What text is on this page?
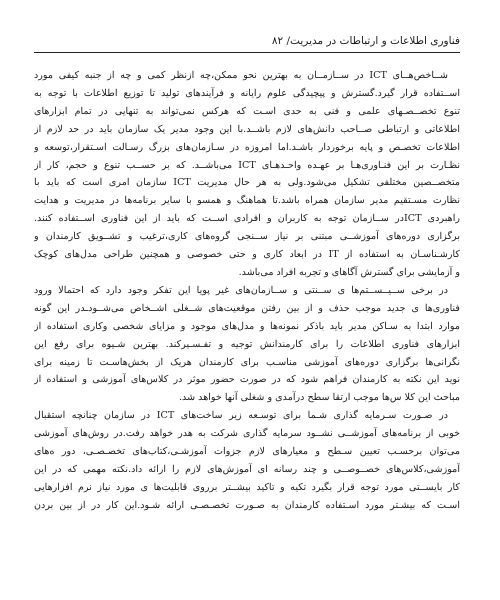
فناوری اطلاعات و ارتباطات در مدیریت/ ۸۲
شــاخص‌هــای ICT در ســازمــان به بهترین نحو ممکن،چه ازنظر کمی و چه از جنبه کیفی مورد
اســتفاده قرار گیرد.گسترش و پیچیدگی علوم رایانه و فرآیندهای تولید تا توزیع اطلاعات با توجه به
تنوع تخصــصـهای علمی و فنی به حدی اسـت که هرکس نمی‌تواند به تنهایی در تمام ابزارهای
اطلاعاتی و ارتباطی صــاحب دانش‌های لازم باشــد.با این وجود مدیر یک سازمان باید در حد لازم از
اطلاعات تخصـص و پایه برخوردار باشـد.اما امروزه در سـازمان‌های بزرگ رسـالت اسـتقرار،توسعه و
نظـارت بر این فنـاوری‌هـا بر عهـده واحـدهـای ICT می‌باشــد. که بر حســب تنوع و حجم، کار از
متخصــصین مختلفی تشکیل می‌شود.ولی به هر حال مدیریت ICT سازمان امری است که باید با
نظارت مسـتقیم مدیر سازمان همراه باشد.تا هماهنگ و همسو با سایر برنامه‌ها در مدیریت و هدایت
راهبردی ICTدر ســازمان توجه به کاربران و افرادی اســت که باید از این فناوری اســتفاده کنند.
برگزاری دوره‌های آموزشــی مبتنی بر نیاز ســنجی گروه‌های کاری،ترغیب و تشــویق کارمندان و
کارشـناسـان به استفاده از IT در ابعاد کاری و حتی خصوصی و همچنین طراحی مدل‌های کوچک
و آزمایشی برای گسترش آگاهای و تجربه افراد می‌باشد.
در برخی ســیــســتم‌ها ی ســنتی و ســازمان‌های غیر پویا این تفکر وجود دارد که احتمالا ورود
فناوری‌ها ی جدید موجب حذف و از بین رفتن موقعیت‌های شــغلی اشــخاص می‌شــودـدر این گونه
موارد ابتدا به سـاکن مدیر باید باذکر نمونه‌ها و مدل‌های موجود و مزایای شخصی وکاری استفاده از
ابزارهای فناوری اطلاعات را برای کارمندانش توجیه و تفـسـیرکند. بهترین شـیوه برای رفع این
نگرانی‌ها برگزاری دوره‌های آموزشی مناسـب برای کارمندان هریک از بخش‌هاسـت تا زمینه برای
نوید این نکته به کارمندان فراهم شود که در صورت حضور موثر در کلاس‌های آموزشی و استفاده از
مباحث این کلا س‌ها موجب ارتقا سطح درآمدی و شغلی آنها خواهد شد.
در صـورت سـرمایه گذاری شـما برای توسـعه زیر ساخت‌های ICT در سازمان چنانچه استقبال
خوبی از برنامه‌های آموزشــی نشــود سرمایه گذاری شرکت به هدر خواهد رفت.در روش‌های آموزشی
می‌توان برحسـب تعیین سـطح و معیارهای لازم جزوات آموزشـی،کتاب‌های تخصـصـی، دور ه‌های
آموزشی،کلاس‌های خصــوصــی و چند رسانه ای آموزش‌های لازم را ارائه داد.نکته مهمی که در این
کار بایســتی مورد توجه قرار بگیرد تکیه و تاکید بیشــتر برروی قابلیت‌ها ی مورد نیاز نرم افزارهایی
اسـت که بیشـتر مورد اسـتفاده کارمندان به صـورت تخصـصـی ارائه شـود.این کار در از بین بردن
